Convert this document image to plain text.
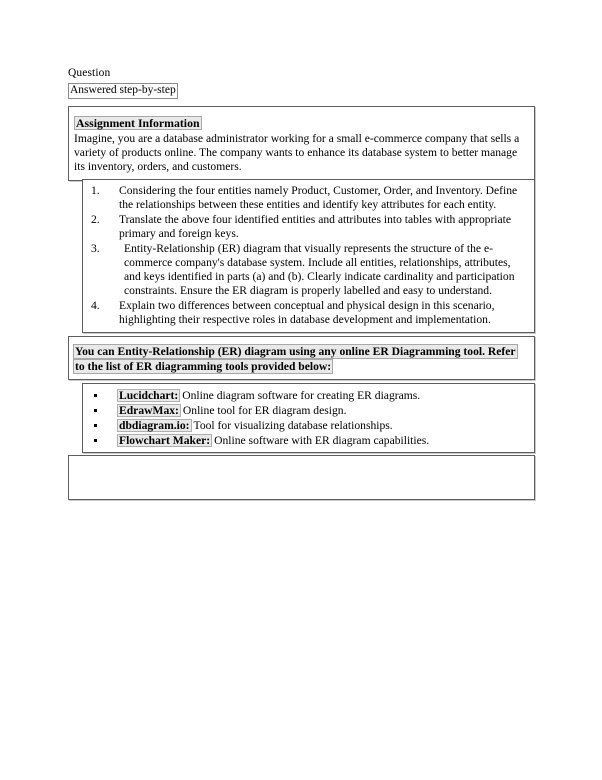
Question
Answered step-by-step
Assignment Information

Imagine, you are a database administrator working for a small e-commerce company that sells a variety of products online. The company wants to enhance its database system to better manage its inventory, orders, and customers.

Considering the four entities namely Product, Customer, Order, and Inventory. Define the relationships between these entities and identify key attributes for each entity.
Translate the above four identified entities and attributes into tables with appropriate primary and foreign keys.
Entity-Relationship (ER) diagram that visually represents the structure of the e-commerce company's database system. Include all entities, relationships, attributes, and keys identified in parts (a) and (b). Clearly indicate cardinality and participation constraints. Ensure the ER diagram is properly labelled and easy to understand.
Explain two differences between conceptual and physical design in this scenario, highlighting their respective roles in database development and implementation.
You can Entity-Relationship (ER) diagram using any online ER Diagramming tool. Refer
to the list of ER diagramming tools provided below:
Lucidchart: Online diagram software for creating ER diagrams.
EdrawMax: Online tool for ER diagram design.
dbdiagram.io: Tool for visualizing database relationships.
Flowchart Maker: Online software with ER diagram capabilities.
